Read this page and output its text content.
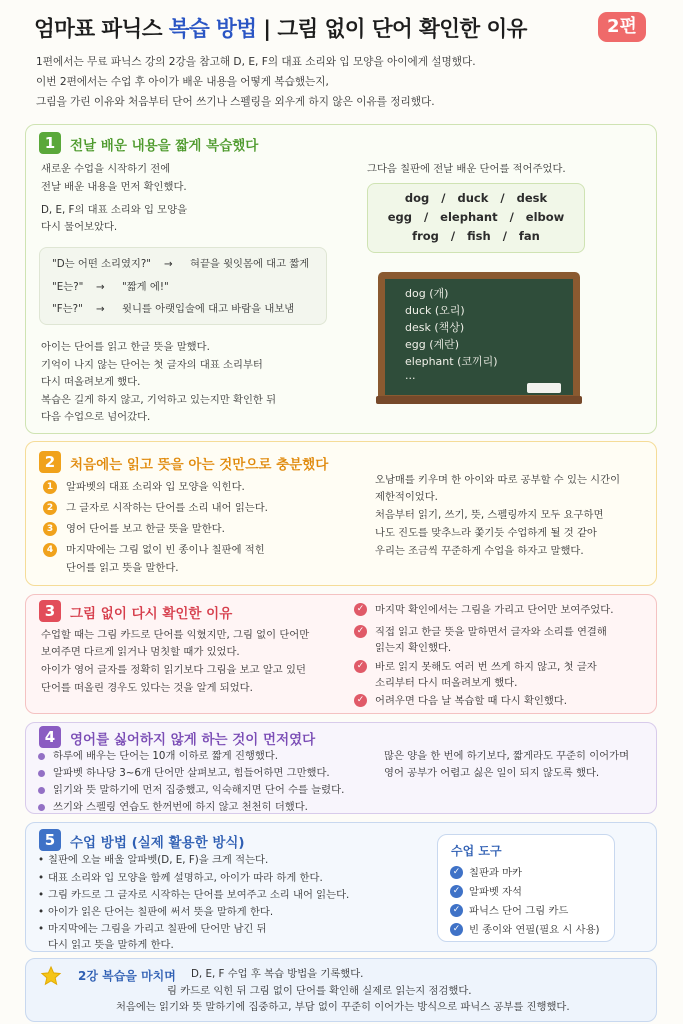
엄마표 파닉스 복습 방법 | 그림 없이 단어 확인한 이유	2편
1편에서는 무료 파닉스 강의 2강을 참고해 D, E, F의 대표 소리와 입 모양을 아이에게 설명했다.
이번 2편에서는 수업 후 아이가 배운 내용을 어떻게 복습했는지,
그림을 가린 이유와 처음부터 단어 쓰기나 스펠링을 외우게 하지 않은 이유를 정리했다.
1	전날 배운 내용을 짧게 복습했다
새로운 수업을 시작하기 전에
전날 배운 내용을 먼저 확인했다.
D, E, F의 대표 소리와 입 모양을
다시 물어보았다.
"D는 어떤 소리였지?" → 혀끝을 윗잇몸에 대고 짧게
"E는?" → "짧게 에!"
"F는?" → 윗니를 아랫입술에 대고 바람을 내보냄
아이는 단어를 읽고 한글 뜻을 말했다.
기억이 나지 않는 단어는 첫 글자의 대표 소리부터
다시 떠올려보게 했다.
복습은 길게 하지 않고, 기억하고 있는지만 확인한 뒤
다음 수업으로 넘어갔다.
그다음 칠판에 전날 배운 단어를 적어주었다.
dog   /   duck   /   desk
egg   /   elephant   /   elbow
frog   /   fish   /   fan
dog (개)
duck (오리)
desk (책상)
egg (계란)
elephant (코끼리)
...
2	처음에는 읽고 뜻을 아는 것만으로 충분했다
1	알파벳의 대표 소리와 입 모양을 익힌다.
2	그 글자로 시작하는 단어를 소리 내어 읽는다.
3	영어 단어를 보고 한글 뜻을 말한다.
4	마지막에는 그림 없이 빈 종이나 칠판에 적힌
단어를 읽고 뜻을 말한다.
오남매를 키우며 한 아이와 따로 공부할 수 있는 시간이
제한적이었다.
처음부터 읽기, 쓰기, 뜻, 스펠링까지 모두 요구하면
나도 진도를 맞추느라 쫓기듯 수업하게 될 것 같아
우리는 조금씩 꾸준하게 수업을 하자고 말했다.
3	그림 없이 다시 확인한 이유
수업할 때는 그림 카드로 단어를 익혔지만, 그림 없이 단어만
보여주면 다르게 읽거나 멈칫할 때가 있었다.
아이가 영어 글자를 정확히 읽기보다 그림을 보고 알고 있던
단어를 떠올린 경우도 있다는 것을 알게 되었다.
✓ 마지막 확인에서는 그림을 가리고 단어만 보여주었다.
✓ 직접 읽고 한글 뜻을 말하면서 글자와 소리를 연결해
읽는지 확인했다.
✓ 바로 읽지 못해도 여러 번 쓰게 하지 않고, 첫 글자
소리부터 다시 떠올려보게 했다.
✓ 어려우면 다음 날 복습할 때 다시 확인했다.
4	영어를 싫어하지 않게 하는 것이 먼저였다
하루에 배우는 단어는 10개 이하로 짧게 진행했다.
알파벳 하나당 3~6개 단어만 살펴보고, 힘들어하면 그만했다.
읽기와 뜻 말하기에 먼저 집중했고, 익숙해지면 단어 수를 늘렸다.
쓰기와 스펠링 연습도 한꺼번에 하지 않고 천천히 더했다.
많은 양을 한 번에 하기보다, 짧게라도 꾸준히 이어가며
영어 공부가 어렵고 싫은 일이 되지 않도록 했다.
5	수업 방법 (실제 활용한 방식)
• 칠판에 오늘 배울 알파벳(D, E, F)을 크게 적는다.
• 대표 소리와 입 모양을 함께 설명하고, 아이가 따라 하게 한다.
• 그림 카드로 그 글자로 시작하는 단어를 보여주고 소리 내어 읽는다.
• 아이가 읽은 단어는 칠판에 써서 뜻을 말하게 한다.
• 마지막에는 그림을 가리고 칠판에 단어만 남긴 뒤
다시 읽고 뜻을 말하게 한다.
수업 도구
✓ 칠판과 마카
✓ 알파벳 자석
✓ 파닉스 단어 그림 카드
✓ 빈 종이와 연필(필요 시 사용)
2강 복습을 마치며 D, E, F 수업 후 복습 방법을 기록했다.
림 카드로 익힌 뒤 그림 없이 단어를 확인해 실제로 읽는지 점검했다.
처음에는 읽기와 뜻 말하기에 집중하고, 부담 없이 꾸준히 이어가는 방식으로 파닉스 공부를 진행했다.
